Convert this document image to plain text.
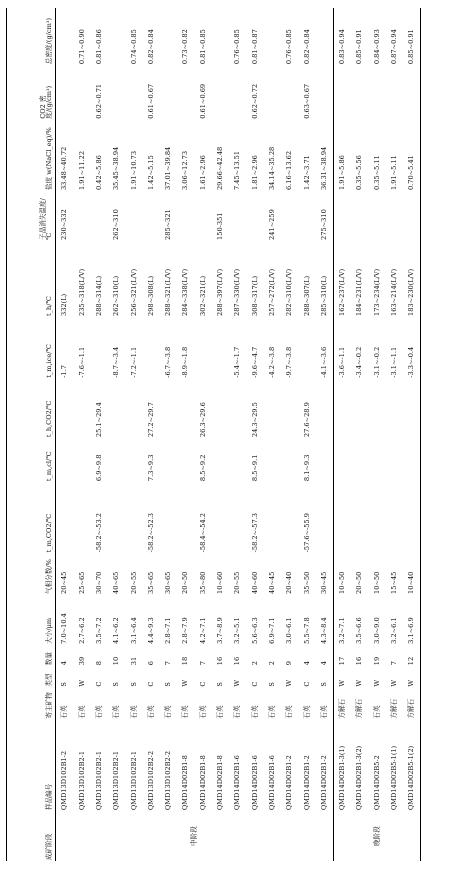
成矿阶段	样品编号	寄主矿物	类型	数量	大小/μm	气相分数/%	t_m,CO2/℃	t_m,cl/℃	t_h,CO2/℃	t_m,ice/℃	t_h/℃	子晶消失温度/℃	盐度 w(NaCl_eq)/%	CO2 密度/(g/cm³)	总密度/(g/cm³)
中阶段	QMD13D102B1-2	石英	S	4	7.0~10.4	20~45				-1.7	332(L)	230~332	33.48~40.72		
	QMD13D102B2-1	石英	W	39	2.7~6.2	25~65				-7.6~-1.1	235~318(L/V)		1.91~11.22		0.71~0.90
	QMD13D102B2-1	石英	C	8	3.5~7.2	30~70	-58.2~-53.2	6.9~9.8	25.1~29.4		288~314(L)		0.42~5.86	0.62~0.71	0.81~0.86
	QMD13D102B2-1	石英	S	10	4.1~6.2	40~65				-8.7~-3.4	262~310(L)	262~310	35.45~38.94		
	QMD13D102B2-1	石英	S	31	3.1~6.4	20~55				-7.2~-1.1	256~321(L/V)		1.91~10.73		0.74~0.85
	QMD13D102B2-2	石英	C	6	4.4~9.3	35~65	-58.2~-52.3	7.3~9.3	27.2~29.7		298~308(L)		1.42~5.15	0.61~0.67	0.82~0.84
	QMD13D102B2-2	石英	S	7	2.8~7.1	30~65				-6.7~-3.8	288~321(L/V)	285~321	37.01~39.84		
	QMD14D02B1-8	石英	W	18	2.8~7.9	20~50				-8.9~-1.8	284~338(L/V)		3.06~12.73		0.73~0.82
	QMD14D02B1-8	石英	C	7	4.2~7.1	35~80	-58.4~-54.2	8.5~9.2	26.3~29.6		302~321(L)		1.61~2.96	0.61~0.69	0.81~0.85
	QMD14D02B1-8	石英	S	16	3.7~8.9	10~60					288~397(L/V)	150-351	29.66~42.48		
	QMD14D02B1-6	石英	W	16	3.2~5.1	20~55				-5.4~-1.7	287~330(L/V)		7.45~13.51		0.76~0.85
	QMD14D02B1-6	石英	C	2	5.6~6.3	40~60	-58.2~-57.3	8.5~9.1	24.3~29.5	-9.6~-4.7	308~317(L)		1.81~2.96	0.62~0.72	0.81~0.87
	QMD14D02B1-6	石英	S	2	6.9~7.1	40~45				-4.2~-3.8	257~272(L/V)	241~259	34.14~35.28		
	QMD14D02B1-2	石英	W	9	3.0~6.1	20~40				-9.7~-3.8	282~310(L/V)		6.16~13.62		0.76~0.85
	QMD14D02B1-2	石英	C	4	5.5~7.8	35~50	-57.6~-55.9	8.1~9.3	27.6~28.9		288~307(L)		1.42~3.71	0.63~0.67	0.82~0.84
	QMD14D02B1-2	石英	S	4	4.3~8.4	30~45				-4.1~-3.6	285~310(L)	275~310	36.31~38.94		
晚阶段	QMD14D02B1-3(1)	方解石	W	17	3.2~7.1	10~50				-3.6~-1.1	162~237(L/V)		1.91~5.86		0.83~0.94
	QMD14D02B1-3(2)	方解石	W	16	3.5~6.6	20~50				-3.4~-0.2	184~231(L/V)		0.35~5.56		0.85~0.91
	QMD14D02B5-2	石英	W	19	3.0~9.0	10~50				-3.1~-0.2	173~234(L/V)		0.35~5.11		0.84~0.93
	QMD14D02B5-1(1)	方解石	W	7	3.2~6.1	15~45				-3.1~-1.1	163~214(L/V)		1.91~5.11		0.87~0.94
	QMD14D02B5-1(2)	方解石	W	12	3.1~6.9	10~40				-3.3~-0.4	183~230(L/V)		0.70~5.41		0.85~0.91
